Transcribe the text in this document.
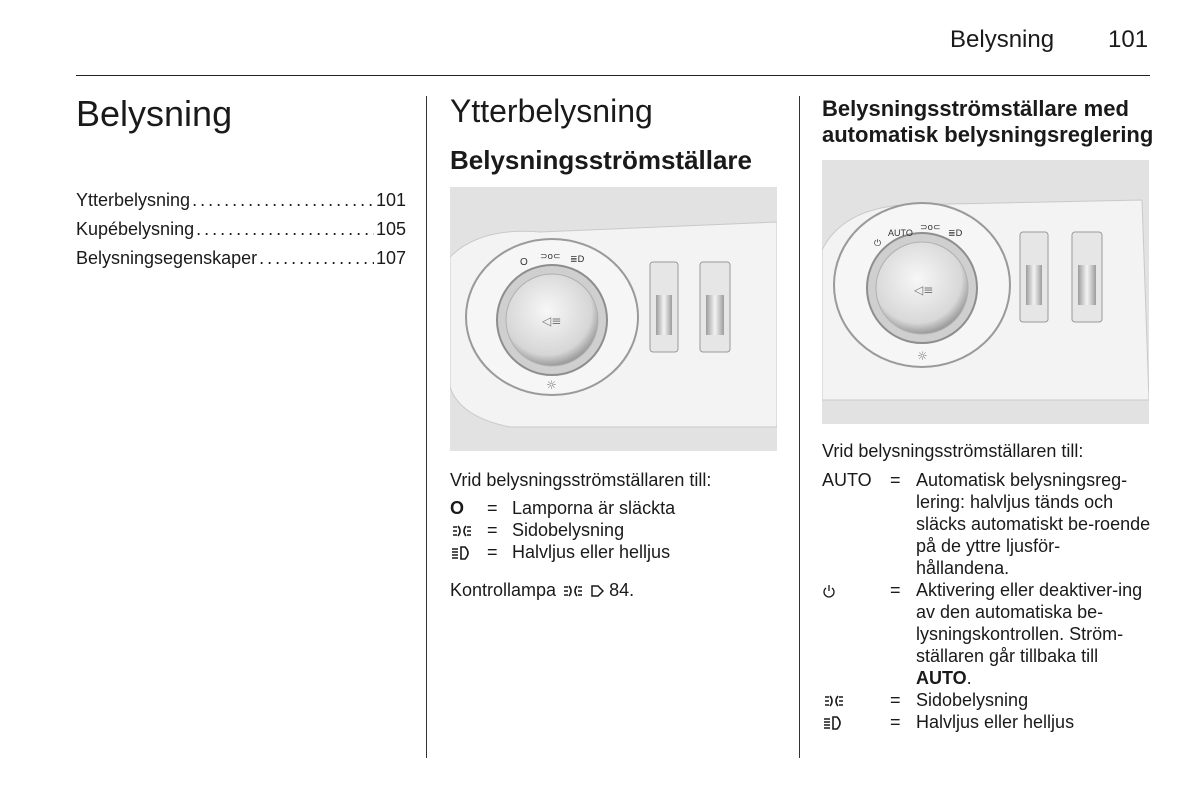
Belysning 101
Belysning
Ytterbelysning . . .	101
Kupébelysning . . .	105
Belysningsegenskaper . . .	107
Ytterbelysning
Belysningsströmställare
O ⊃o⊂ ≣D
◁≡
☼
Vrid belysningsströmställaren till:
O	= Lamporna är släckta
= Sidobelysning
= Halvljus eller helljus
Kontrollampa	84.
Belysningsströmställare med automatisk belysningsreglering
⏻
AUTO ⊃o⊂
≣D
◁≡
☼
Vrid belysningsströmställaren till:
AUTO	= Automatisk belysningsreg-lering: halvljus tänds och släcks automatiskt be-roende på de yttre ljusför-hållandena.
= Aktivering eller deaktiver-ing av den automatiska be-lysningskontrollen. Ström-ställaren går tillbaka till AUTO.
= Sidobelysning
= Halvljus eller helljus
